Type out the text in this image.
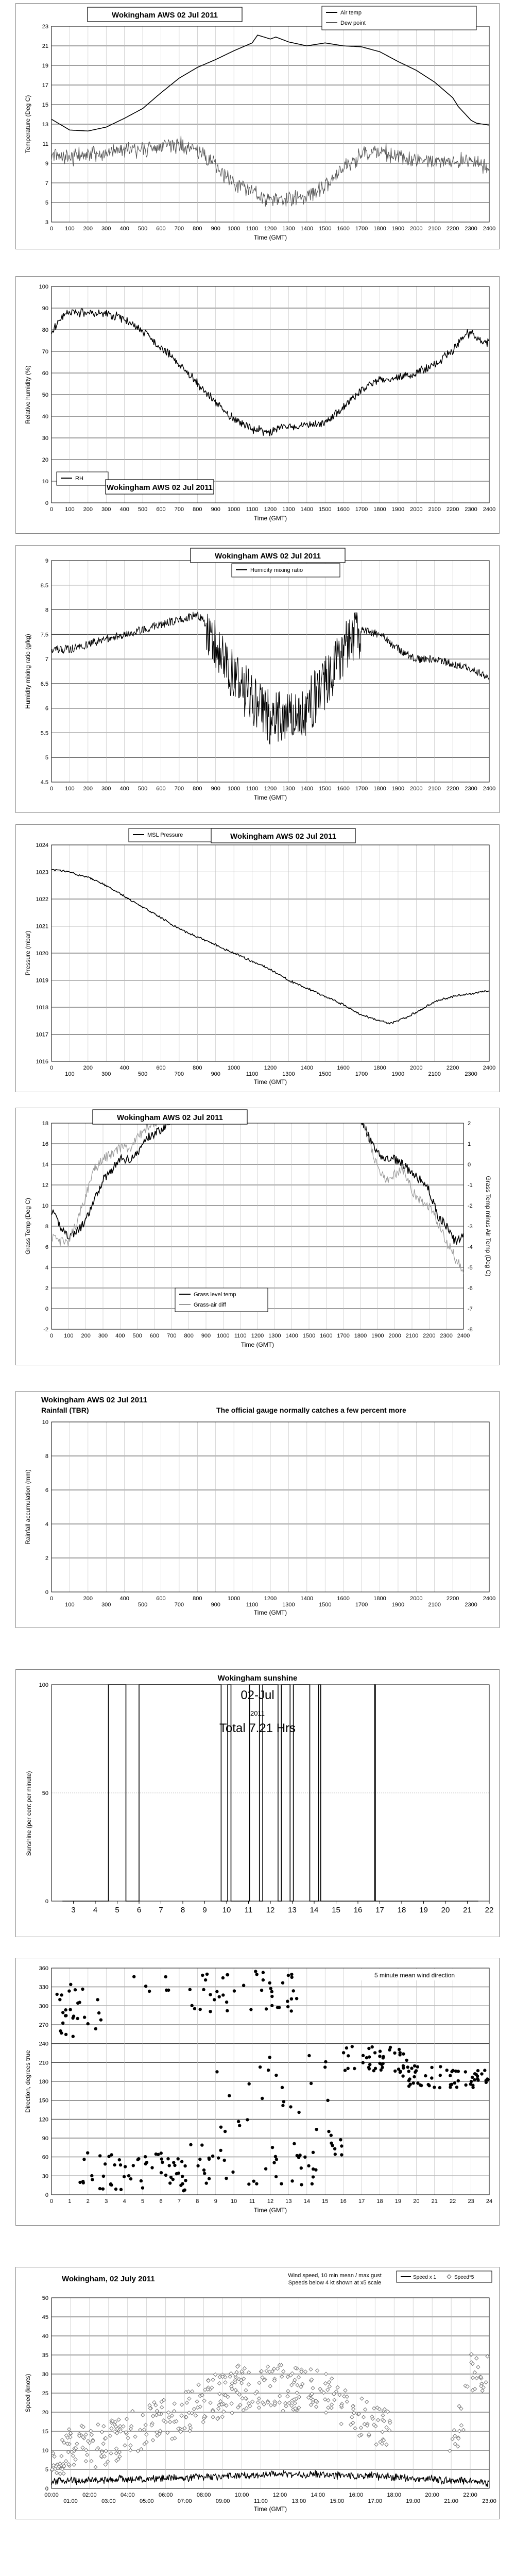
3
5
7
9
11
13
15
17
19
21
23
0 100 200 300 400 500 600 700 800 900 1000 1100 1200 1300 1400 1500 1600 1700 1800 1900 2000 2100 2200 2300 2400
Time (GMT)
Temperature (Deg C)
Wokingham AWS 02 Jul 2011	Air temp
Dew point
0
10
20
30
40
50
60
70
80
90
100
0 100 200 300 400 500 600 700 800 900 1000 1100 1200 1300 1400 1500 1600 1700 1800 1900 2000 2100 2200 2300 2400
Time (GMT)
Relative humidity (%)
RH
Wokingham AWS 02 Jul 2011
4.5
5
5.5
6
6.5
7
7.5
8
8.5
9
0 100 200 300 400 500 600 700 800 900 1000 1100 1200 1300 1400 1500 1600 1700 1800 1900 2000 2100 2200 2300 2400
Time (GMT)
Humidity mixing ratio (g/kg)
Wokingham AWS 02 Jul 2011
Humidity mixing ratio
1016
1017
1018
1019
1020
1021
1022
1023
1024
0
100
200
300
400
500
600
700
800
900
1000
1100
1200
1300
1400
1500
1600
1700
1800
1900
2000
2100
2200
2300
2400
Time (GMT)
Pressure (mbar)
MSL Pressure	Wokingham AWS 02 Jul 2011
-2
0
2
4
6
8
10
12
14
16
18
0 100 200 300 400 500 600 700 800 900 1000 1100 1200 1300 1400 1500 1600 1700 1800 1900 2000 2100 2200 2300 2400
Time (GMT)
Grass Temp (Deg C)
-8
-7
-6
-5
-4
-3
-2
-1
0
1
2
Grass Temp minus Air Temp (Deg C)
Wokingham AWS 02 Jul 2011
Grass level temp
Grass-air diff
0
2
4
6
8
10
0
100
200
300
400
500
600
700
800
900
1000
1100
1200
1300
1400
1500
1600
1700
1800
1900
2000
2100
2200
2300
2400
Time (GMT)
Rainfall accumulation (mm)
Wokingham AWS 02 Jul 2011
Rainfall (TBR)	The official gauge normally catches a few percent more
0
50
100
3 4 5 6 7 8 9 10 11 12 13 14 15 16 17 18 19 20 21 22
Sunshine (per cent per minute)
Wokingham sunshine
02-Jul
2011
Total 7.21 Hrs
0
30
60
90
120
150
180
210
240
270
300
330
360
0	1	2	3	4	5	6	7	8	9 10 11 12 13 14 15 16 17 18 19 20 21 22 23 24
Time (GMT)
Direction, degrees true
5 minute mean wind direction
0
5
10
15
20
25
30
35
40
45
50
00:00
01:00
02:00
03:00
04:00
05:00
06:00
07:00
08:00
09:00
10:00
11:00
12:00
13:00
14:00
15:00
16:00
17:00
18:00
19:00
20:00
21:00
22:00
23:00
Time (GMT)
Speed (knots)
Wokingham, 02 July 2011	Wind speed, 10 min mean / max gust
Speeds below 4 kt shown at x5 scale
Speed x 1	Speed*5
